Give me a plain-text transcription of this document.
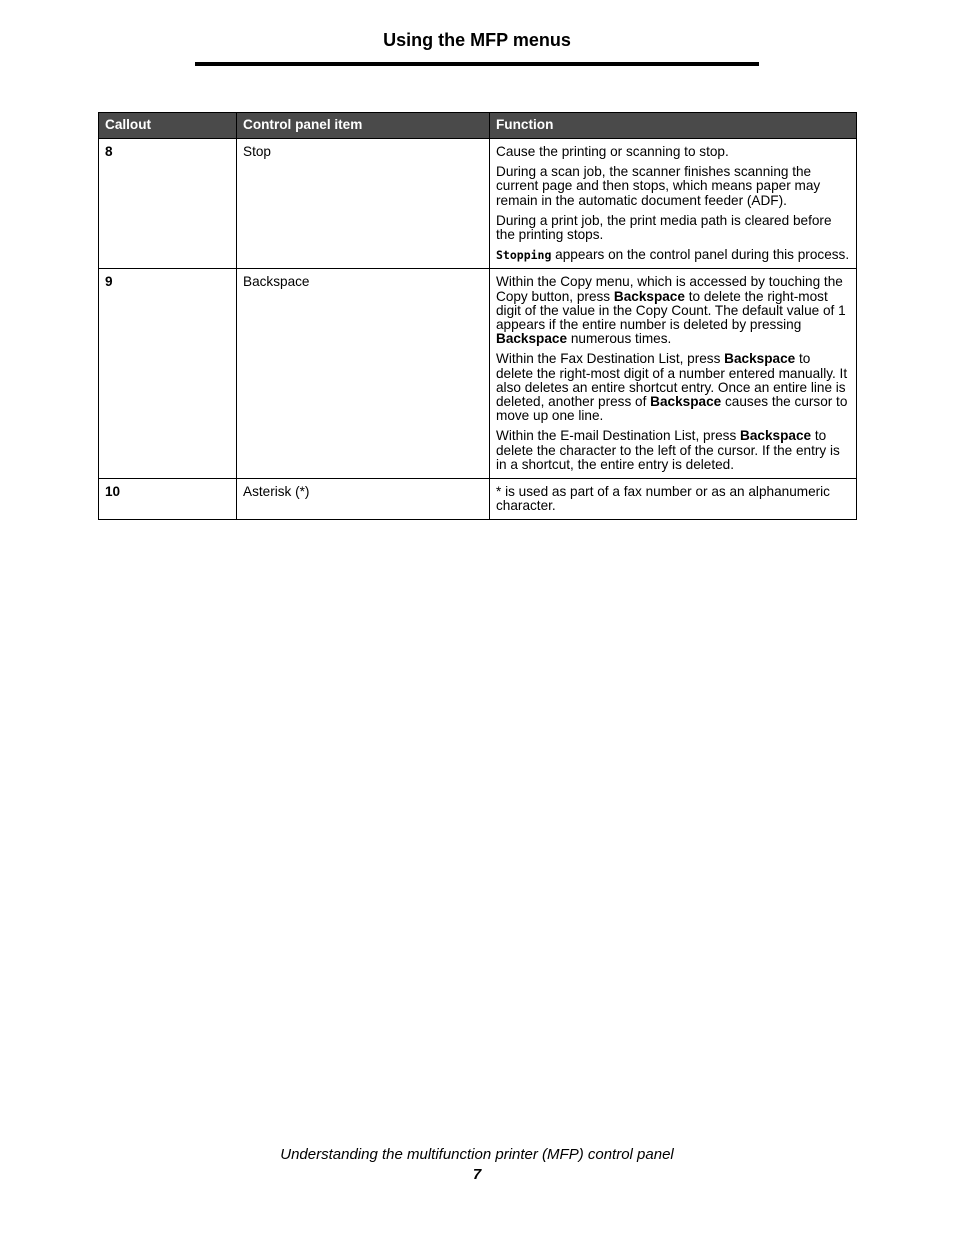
Using the MFP menus
Callout	Control panel item	Function
8	Stop	Cause the printing or scanning to stop.

During a scan job, the scanner finishes scanning the current page and then stops, which means paper may remain in the automatic document feeder (ADF).

During a print job, the print media path is cleared before the printing stops.

Stopping appears on the control panel during this process.

9	Backspace	Within the Copy menu, which is accessed by touching the Copy button, press Backspace to delete the right-most digit of the value in the Copy Count. The default value of 1 appears if the entire number is deleted by pressing Backspace numerous times.

Within the Fax Destination List, press Backspace to delete the right-most digit of a number entered manually. It also deletes an entire shortcut entry. Once an entire line is deleted, another press of Backspace causes the cursor to move up one line.

Within the E-mail Destination List, press Backspace to delete the character to the left of the cursor. If the entry is in a shortcut, the entire entry is deleted.

10	Asterisk (*)	* is used as part of a fax number or as an alphanumeric character.

Understanding the multifunction printer (MFP) control panel
7
